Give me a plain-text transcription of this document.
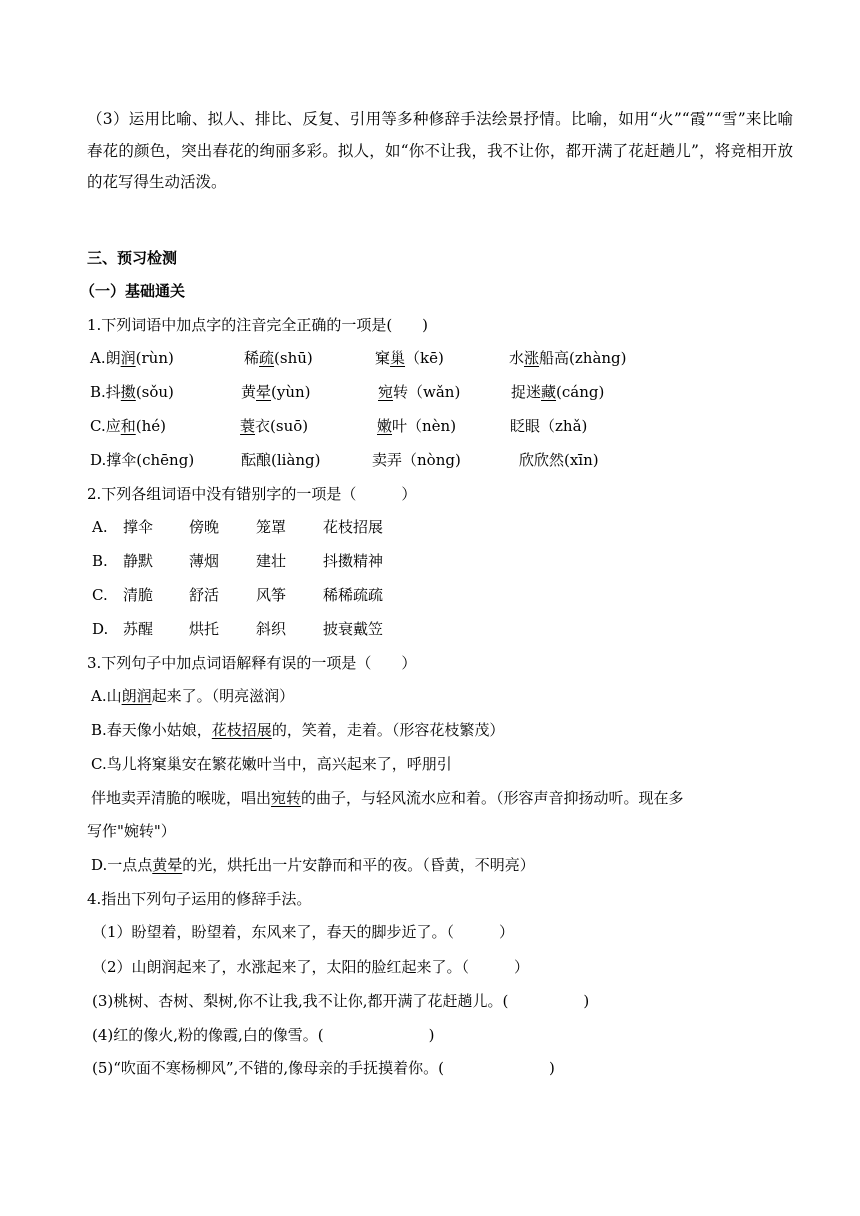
（3）运用比喻、拟人、排比、反复、引用等多种修辞手法绘景抒情。比喻，如用“火”“霞”“雪”来比喻春花的颜色，突出春花的绚丽多彩。拟人，如“你不让我，我不让你，都开满了花赶趟儿”，将竞相开放的花写得生动活泼。
三、预习检测
（一）基础通关
1.下列词语中加点字的注音完全正确的一项是(　　)
A.朗润(rùn)	稀疏(shū)	窠巢（kē)	水涨船高(zhàng)
B.抖擞(sǒu)	黄晕(yùn)	宛转（wǎn)	捉迷藏(cáng)
C.应和(hé)	蓑衣(suō)	嫩叶（nèn)	眨眼（zhǎ)
D.撑伞(chēng)	酝酿(liàng)	卖弄（nòng)	欣欣然(xīn)
2.下列各组词语中没有错别字的一项是（　　　）
A. 撑伞 傍晚 笼罩 花枝招展
B. 静默 薄烟 建壮 抖擞精神
C. 清脆 舒活 风筝 稀稀疏疏
D. 苏醒 烘托 斜织 披衰戴笠
3.下列句子中加点词语解释有误的一项是（　　）
A.山朗润起来了。（明亮滋润）
B.春天像小姑娘，花枝招展的，笑着，走着。（形容花枝繁茂）
C.鸟儿将窠巢安在繁花嫩叶当中，高兴起来了，呼朋引
伴地卖弄清脆的喉咙，唱出宛转的曲子，与轻风流水应和着。（形容声音抑扬动听。现在多
写作"婉转"）
D.一点点黄晕的光，烘托出一片安静而和平的夜。（昏黄，不明亮）
4.指出下列句子运用的修辞手法。
（1）盼望着，盼望着，东风来了，春天的脚步近了。（　　　）
（2）山朗润起来了，水涨起来了，太阳的脸红起来了。（　　　）
(3)桃树、杏树、梨树,你不让我,我不让你,都开满了花赶趟儿。(　　　　　)
(4)红的像火,粉的像霞,白的像雪。(　　　　　　　)
(5)“吹面不寒杨柳风”,不错的,像母亲的手抚摸着你。(　　　　　　　)
